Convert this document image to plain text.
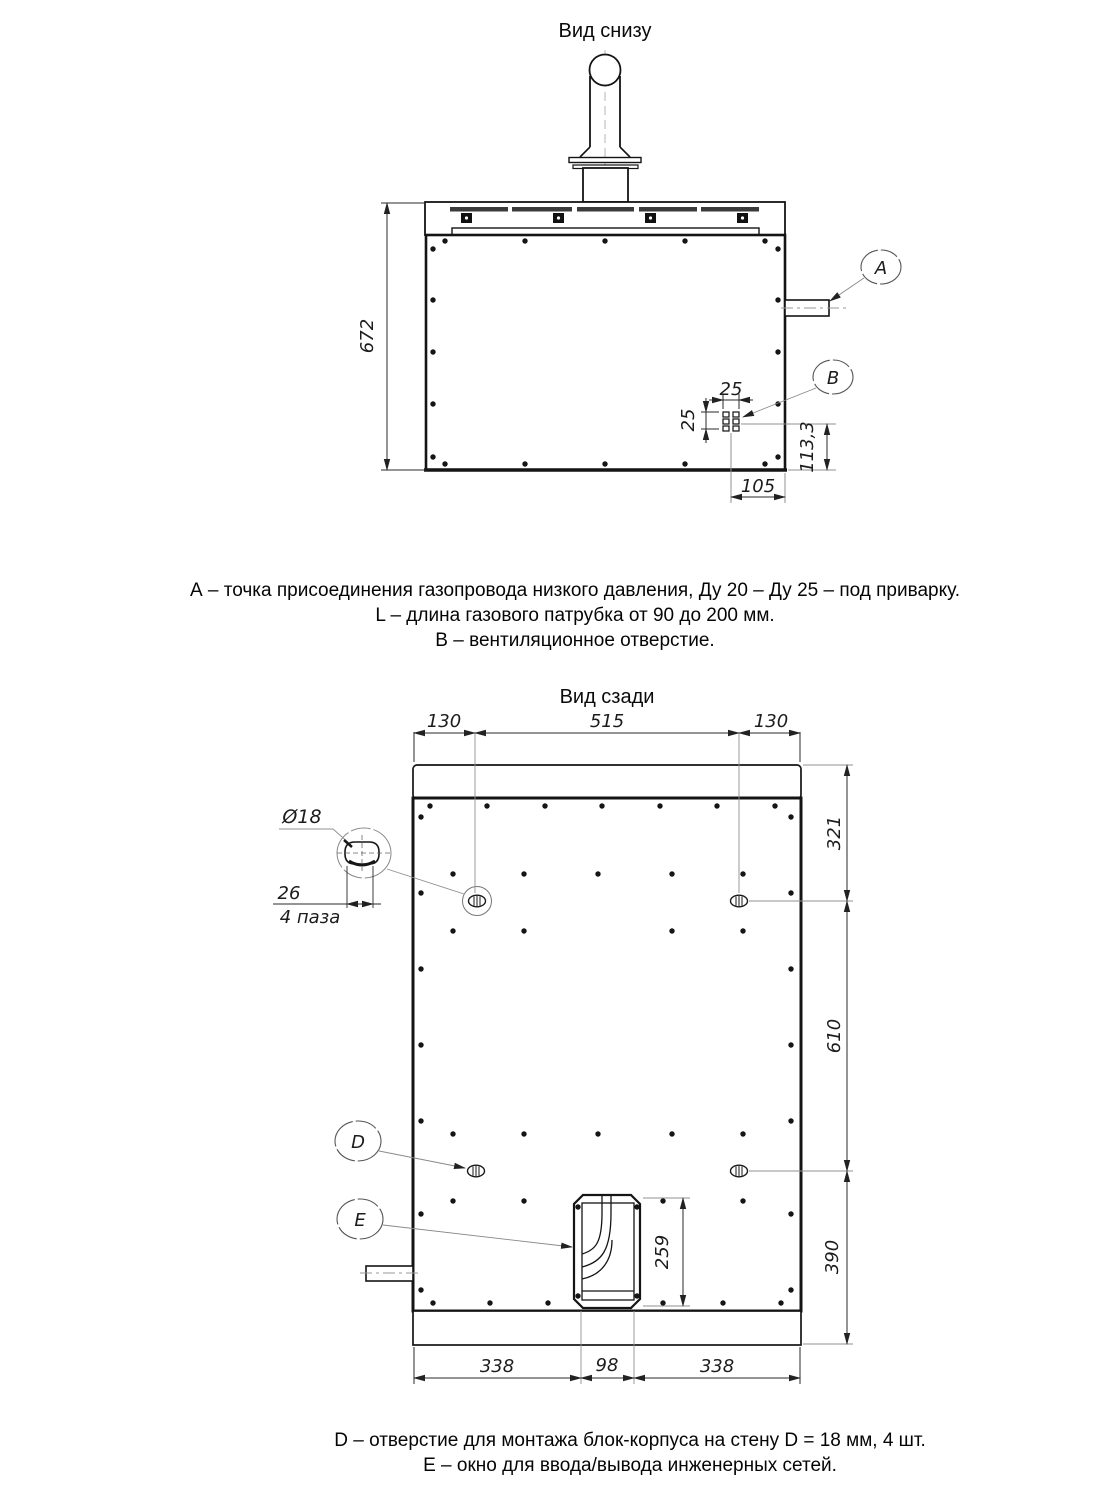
Вид снизу
A
B
672
25
25
113,3
105
А – точка присоединения газопровода низкого давления, Ду 20 – Ду 25 – под приварку.
L – длина газового патрубка от 90 до 200 мм.
В – вентиляционное отверстие.
Вид сзади
Ø18
26
4 паза
130	515	130
321
610
390
259
338	98	338
D
E
D – отверстие для монтажа блок-корпуса на стену D = 18 мм, 4 шт.
Е – окно для ввода/вывода инженерных сетей.
